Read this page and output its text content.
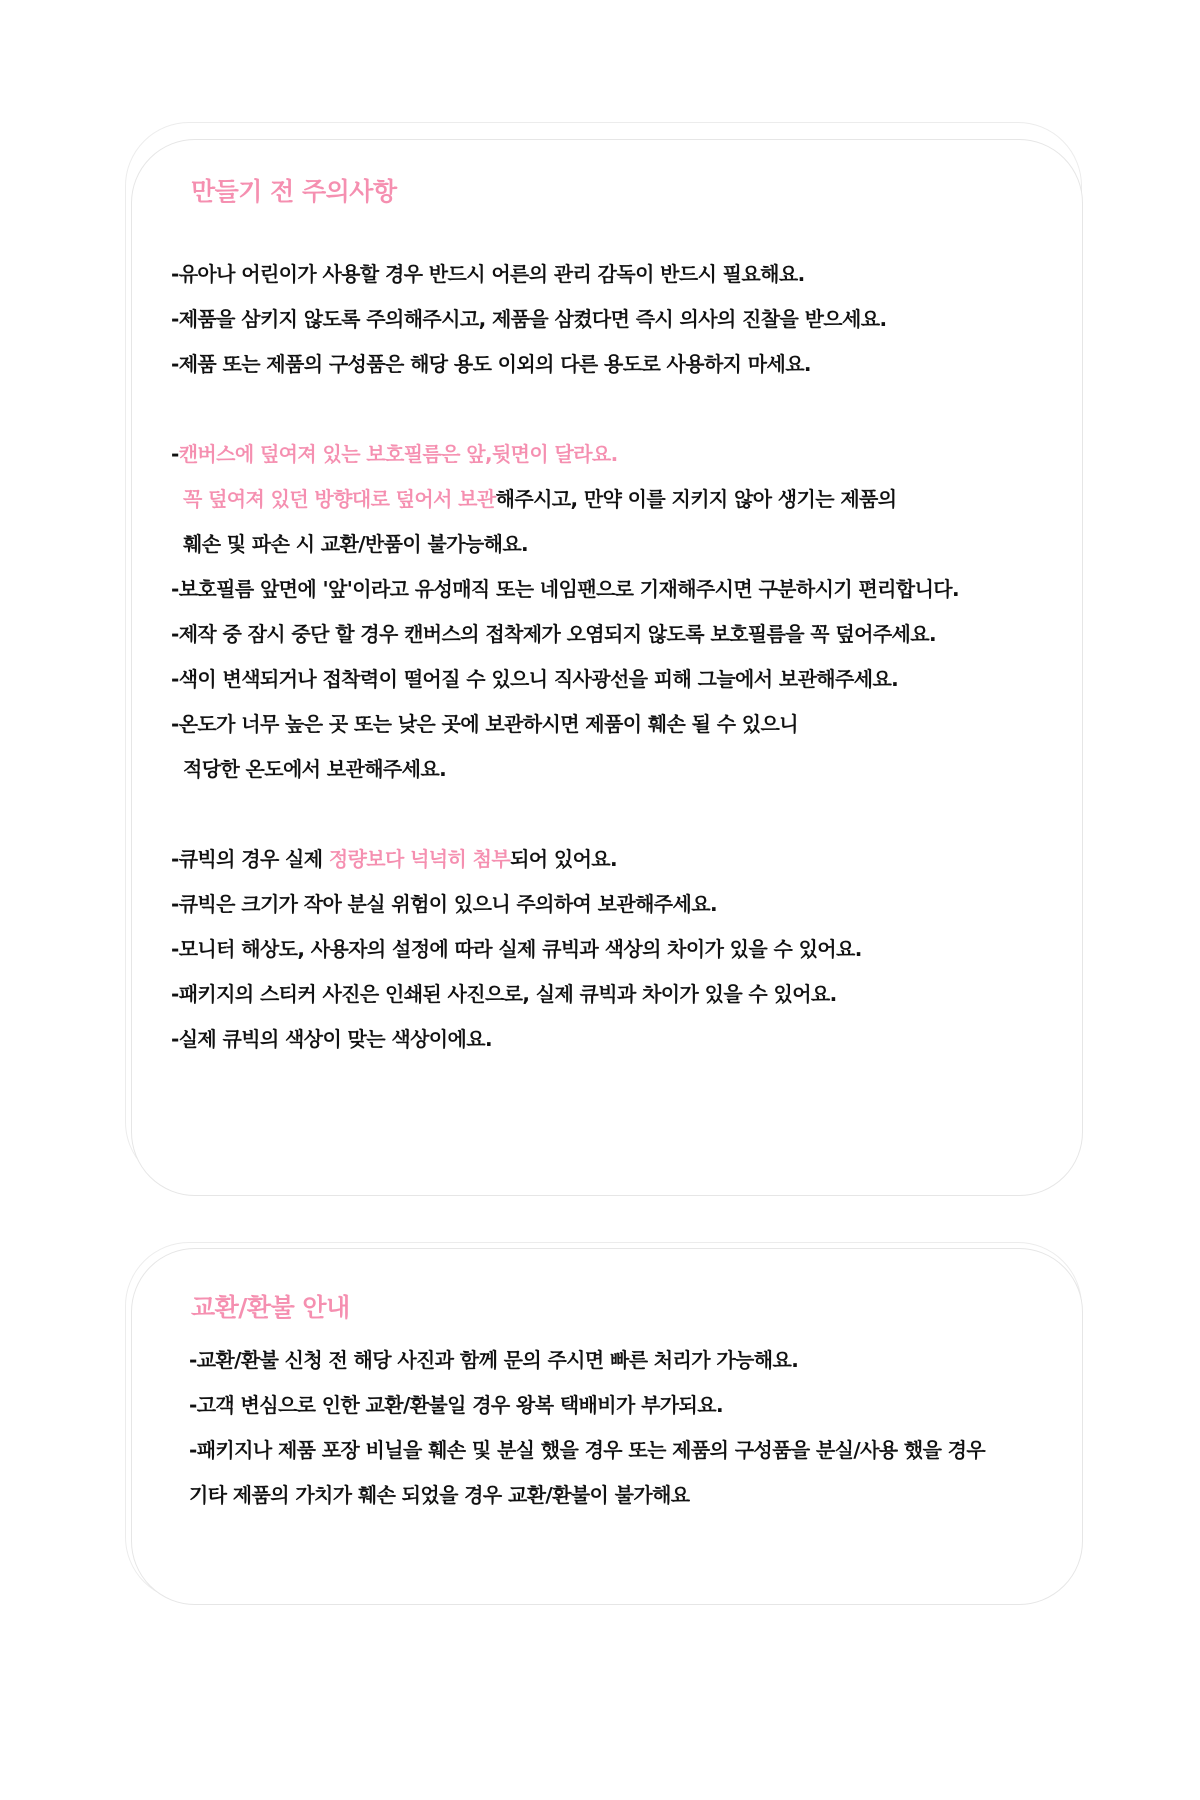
만들기 전 주의사항
-유아나 어린이가 사용할 경우 반드시 어른의 관리 감독이 반드시 필요해요.
-제품을 삼키지 않도록 주의해주시고, 제품을 삼켰다면 즉시 의사의 진찰을 받으세요.
-제품 또는 제품의 구성품은 해당 용도 이외의 다른 용도로 사용하지 마세요.
-캔버스에 덮여져 있는 보호필름은 앞,뒷면이 달라요.
꼭 덮여져 있던 방향대로 덮어서 보관해주시고, 만약 이를 지키지 않아 생기는 제품의
훼손 및 파손 시 교환/반품이 불가능해요.
-보호필름 앞면에 '앞'이라고 유성매직 또는 네임팬으로 기재해주시면 구분하시기 편리합니다.
-제작 중 잠시 중단 할 경우 캔버스의 접착제가 오염되지 않도록 보호필름을 꼭 덮어주세요.
-색이 변색되거나 접착력이 떨어질 수 있으니 직사광선을 피해 그늘에서 보관해주세요.
-온도가 너무 높은 곳 또는 낮은 곳에 보관하시면 제품이 훼손 될 수 있으니
적당한 온도에서 보관해주세요.
-큐빅의 경우 실제 정량보다 넉넉히 첨부되어 있어요.
-큐빅은 크기가 작아 분실 위험이 있으니 주의하여 보관해주세요.
-모니터 해상도, 사용자의 설정에 따라 실제 큐빅과 색상의 차이가 있을 수 있어요.
-패키지의 스티커 사진은 인쇄된 사진으로, 실제 큐빅과 차이가 있을 수 있어요.
-실제 큐빅의 색상이 맞는 색상이에요.
교환/환불 안내
-교환/환불 신청 전 해당 사진과 함께 문의 주시면 빠른 처리가 가능해요.
-고객 변심으로 인한 교환/환불일 경우 왕복 택배비가 부가되요.
-패키지나 제품 포장 비닐을 훼손 및 분실 했을 경우 또는 제품의 구성품을 분실/사용 했을 경우
기타 제품의 가치가 훼손 되었을 경우 교환/환불이 불가해요
